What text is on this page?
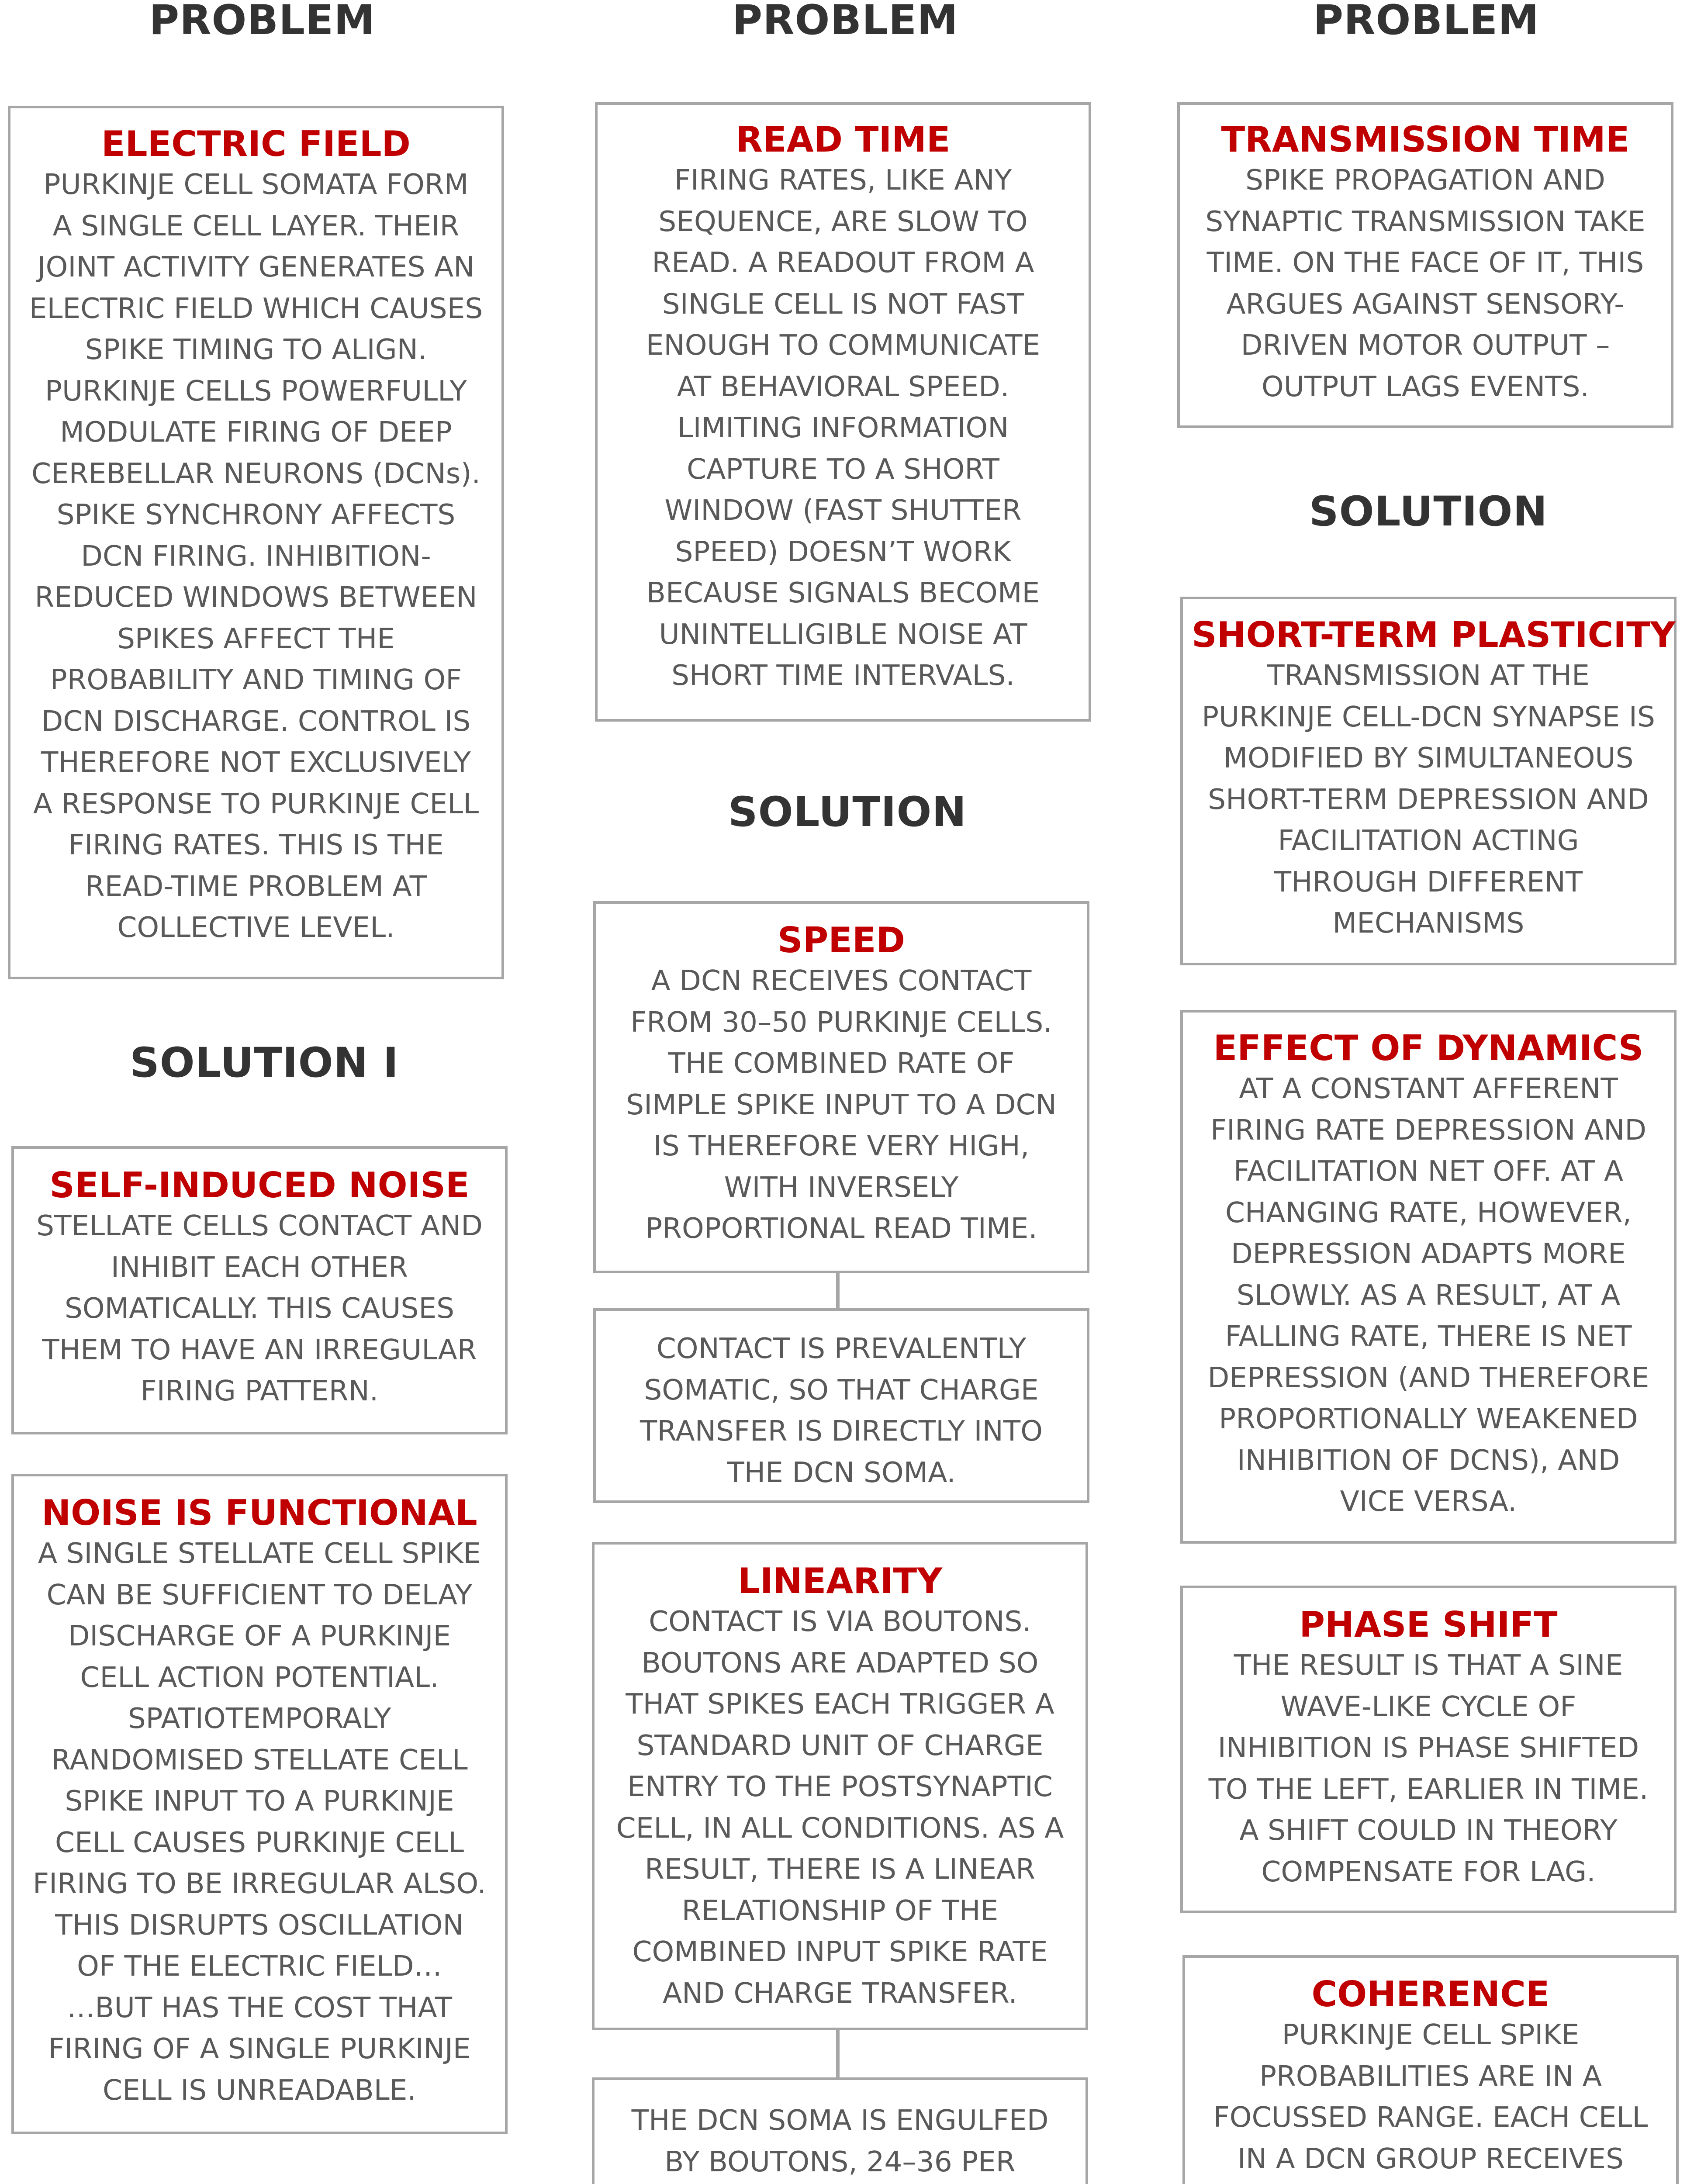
PROBLEM	PROBLEM	PROBLEM
ELECTRIC FIELD
PURKINJE CELL SOMATA FORM
A SINGLE CELL LAYER. THEIR
JOINT ACTIVITY GENERATES AN
ELECTRIC FIELD WHICH CAUSES
SPIKE TIMING TO ALIGN.
PURKINJE CELLS POWERFULLY
MODULATE FIRING OF DEEP
CEREBELLAR NEURONS (DCNs).
SPIKE SYNCHRONY AFFECTS
DCN FIRING. INHIBITION-
REDUCED WINDOWS BETWEEN
SPIKES AFFECT THE
PROBABILITY AND TIMING OF
DCN DISCHARGE. CONTROL IS
THEREFORE NOT EXCLUSIVELY
A RESPONSE TO PURKINJE CELL
FIRING RATES. THIS IS THE
READ-TIME PROBLEM AT
COLLECTIVE LEVEL.
SOLUTION I
SELF-INDUCED NOISE
STELLATE CELLS CONTACT AND
INHIBIT EACH OTHER
SOMATICALLY. THIS CAUSES
THEM TO HAVE AN IRREGULAR
FIRING PATTERN.
NOISE IS FUNCTIONAL
A SINGLE STELLATE CELL SPIKE
CAN BE SUFFICIENT TO DELAY
DISCHARGE OF A PURKINJE
CELL ACTION POTENTIAL.
SPATIOTEMPORALY
RANDOMISED STELLATE CELL
SPIKE INPUT TO A PURKINJE
CELL CAUSES PURKINJE CELL
FIRING TO BE IRREGULAR ALSO.
THIS DISRUPTS OSCILLATION
OF THE ELECTRIC FIELD…
…BUT HAS THE COST THAT
FIRING OF A SINGLE PURKINJE
CELL IS UNREADABLE.
READ TIME
FIRING RATES, LIKE ANY
SEQUENCE, ARE SLOW TO
READ. A READOUT FROM A
SINGLE CELL IS NOT FAST
ENOUGH TO COMMUNICATE
AT BEHAVIORAL SPEED.
LIMITING INFORMATION
CAPTURE TO A SHORT
WINDOW (FAST SHUTTER
SPEED) DOESN’T WORK
BECAUSE SIGNALS BECOME
UNINTELLIGIBLE NOISE AT
SHORT TIME INTERVALS.
SOLUTION
SPEED
A DCN RECEIVES CONTACT
FROM 30–50 PURKINJE CELLS.
THE COMBINED RATE OF
SIMPLE SPIKE INPUT TO A DCN
IS THEREFORE VERY HIGH,
WITH INVERSELY
PROPORTIONAL READ TIME.
CONTACT IS PREVALENTLY
SOMATIC, SO THAT CHARGE
TRANSFER IS DIRECTLY INTO
THE DCN SOMA.
LINEARITY
CONTACT IS VIA BOUTONS.
BOUTONS ARE ADAPTED SO
THAT SPIKES EACH TRIGGER A
STANDARD UNIT OF CHARGE
ENTRY TO THE POSTSYNAPTIC
CELL, IN ALL CONDITIONS. AS A
RESULT, THERE IS A LINEAR
RELATIONSHIP OF THE
COMBINED INPUT SPIKE RATE
AND CHARGE TRANSFER.
THE DCN SOMA IS ENGULFED
BY BOUTONS, 24–36 PER

TRANSMISSION TIME
SPIKE PROPAGATION AND
SYNAPTIC TRANSMISSION TAKE
TIME. ON THE FACE OF IT, THIS
ARGUES AGAINST SENSORY-
DRIVEN MOTOR OUTPUT –
OUTPUT LAGS EVENTS.
SOLUTION
SHORT-TERM PLASTICITY
TRANSMISSION AT THE
PURKINJE CELL-DCN SYNAPSE IS
MODIFIED BY SIMULTANEOUS
SHORT-TERM DEPRESSION AND
FACILITATION ACTING
THROUGH DIFFERENT
MECHANISMS
EFFECT OF DYNAMICS
AT A CONSTANT AFFERENT
FIRING RATE DEPRESSION AND
FACILITATION NET OFF. AT A
CHANGING RATE, HOWEVER,
DEPRESSION ADAPTS MORE
SLOWLY. AS A RESULT, AT A
FALLING RATE, THERE IS NET
DEPRESSION (AND THEREFORE
PROPORTIONALLY WEAKENED
INHIBITION OF DCNS), AND
VICE VERSA.
PHASE SHIFT
THE RESULT IS THAT A SINE
WAVE-LIKE CYCLE OF
INHIBITION IS PHASE SHIFTED
TO THE LEFT, EARLIER IN TIME.
A SHIFT COULD IN THEORY
COMPENSATE FOR LAG.
COHERENCE
PURKINJE CELL SPIKE
PROBABILITIES ARE IN A
FOCUSSED RANGE. EACH CELL
IN A DCN GROUP RECEIVES
